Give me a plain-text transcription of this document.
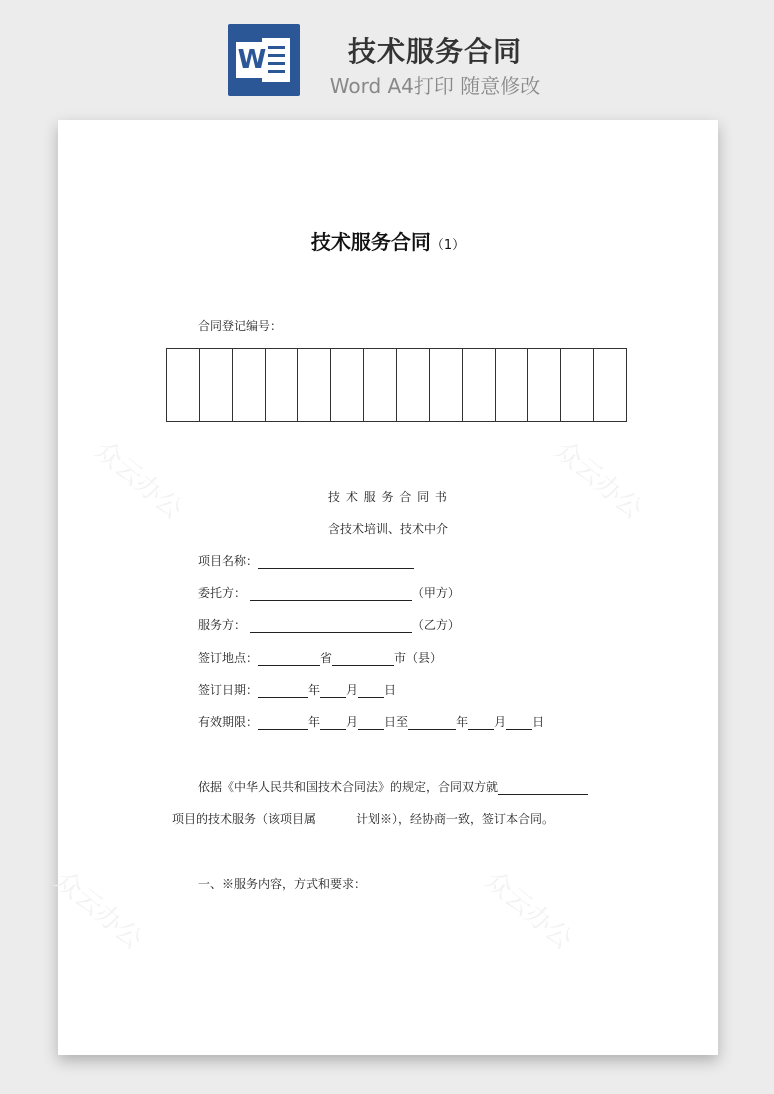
W	技术服务合同
Word A4打印 随意修改
众云办公	众云办公
众云办公	众云办公
技术服务合同（1）
合同登记编号：
技 术 服 务 合 同 书
含技术培训、技术中介
项目名称：
委托方：	（甲方）
服务方：	（乙方）
签订地点：	省	市（县）
签订日期：	年 月 日
有效期限：	年 月 日至	年 月 日
依据《中华人民共和国技术合同法》的规定，合同双方就
项目的技术服务（该项目属	计划※），经协商一致，签订本合同。
一、※服务内容，方式和要求：
